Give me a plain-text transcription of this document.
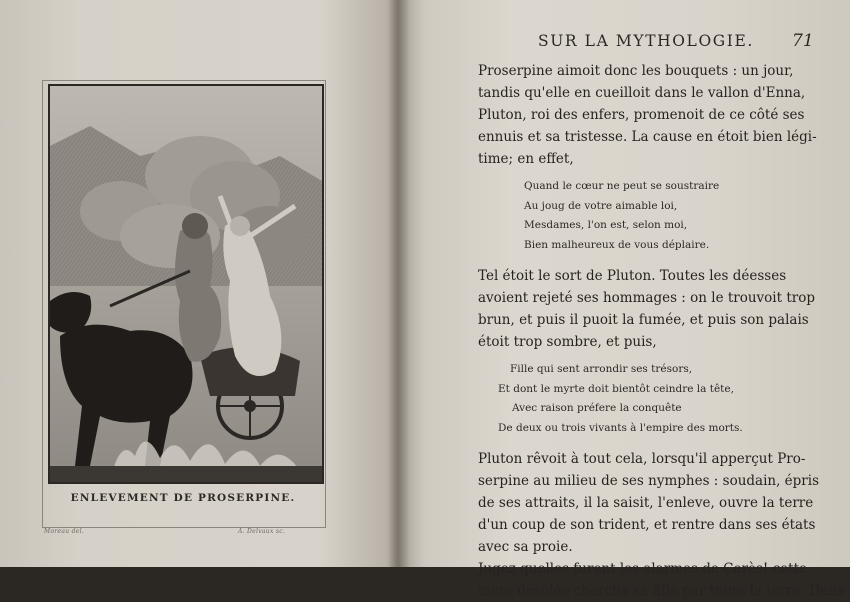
ENLEVEMENT DE PROSERPINE.
Moreau del.	A. Delvaux sc.
SUR LA MYTHOLOGIE. 71

Proserpine aimoit donc les bouquets : un jour,
tandis qu'elle en cueilloit dans le vallon d'Enna,
Pluton, roi des enfers, promenoit de ce côté ses
ennuis et sa tristesse. La cause en étoit bien légi-
time; en effet,

Quand le cœur ne peut se soustraire
Au joug de votre aimable loi,
Mesdames, l'on est, selon moi,
Bien malheureux de vous déplaire.

Tel étoit le sort de Pluton. Toutes les déesses
avoient rejeté ses hommages : on le trouvoit trop
brun, et puis il puoit la fumée, et puis son palais
étoit trop sombre, et puis,

Fille qui sent arrondir ses trésors,
Et dont le myrte doit bientôt ceindre la tête,
Avec raison préfere la conquête
De deux ou trois vivants à l'empire des morts.

Pluton rêvoit à tout cela, lorsqu'il apperçut Pro-
serpine au milieu de ses nymphes : soudain, épris
de ses attraits, il la saisit, l'enleve, ouvre la terre
d'un coup de son trident, et rentre dans ses états
avec sa proie.

Jugez quelles furent les alarmes de Cerès! cette
mere désolée chercha sa fille par toute la terre. Dans
